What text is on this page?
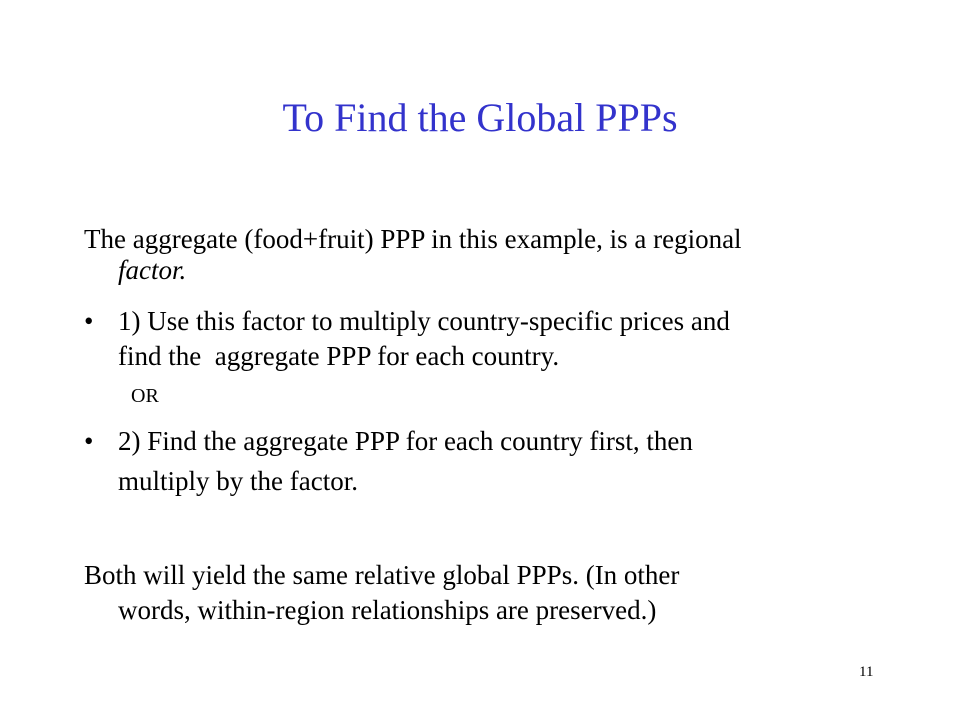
To Find the Global PPPs
The aggregate (food+fruit) PPP in this example, is a regional
factor.
• 1) Use this factor to multiply country-specific prices and
find the  aggregate PPP for each country.
OR
• 2) Find the aggregate PPP for each country first, then
multiply by the factor.
Both will yield the same relative global PPPs. (In other
words, within-region relationships are preserved.)
11
